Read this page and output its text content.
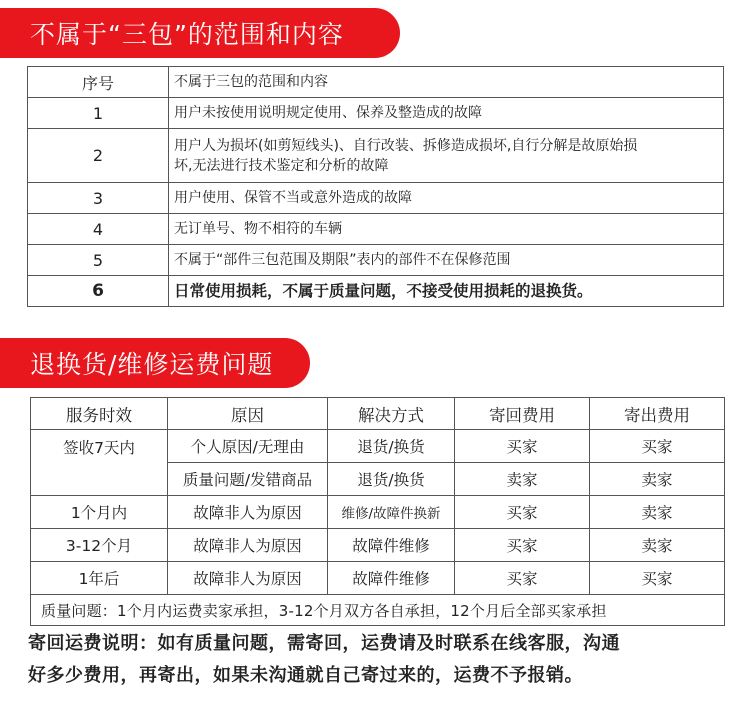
不属于“三包”的范围和内容
序号	不属于三包的范围和内容
1	用户未按使用说明规定使用、保养及整造成的故障
2	用户人为损坏(如剪短线头)、自行改装、拆修造成损坏,自行分解是故原始损
坏,无法进行技术鉴定和分析的故障

3	用户使用、保管不当或意外造成的故障
4	无订单号、物不相符的车辆
5	不属于“部件三包范围及期限”表内的部件不在保修范围
6	日常使用损耗，不属于质量问题，不接受使用损耗的退换货。
退换货/维修运费问题
服务时效	原因	解决方式	寄回费用	寄出费用
签收7天内	个人原因/无理由	退货/换货	买家	买家
	质量问题/发错商品	退货/换货	卖家	卖家
1个月内	故障非人为原因	维修/故障件换新	买家	卖家
3-12个月	故障非人为原因	故障件维修	买家	卖家
1年后	故障非人为原因	故障件维修	买家	买家
质量问题：1个月内运费卖家承担，3-12个月双方各自承担，12个月后全部买家承担				
寄回运费说明：如有质量问题，需寄回，运费请及时联系在线客服，沟通
好多少费用，再寄出，如果未沟通就自己寄过来的，运费不予报销。
